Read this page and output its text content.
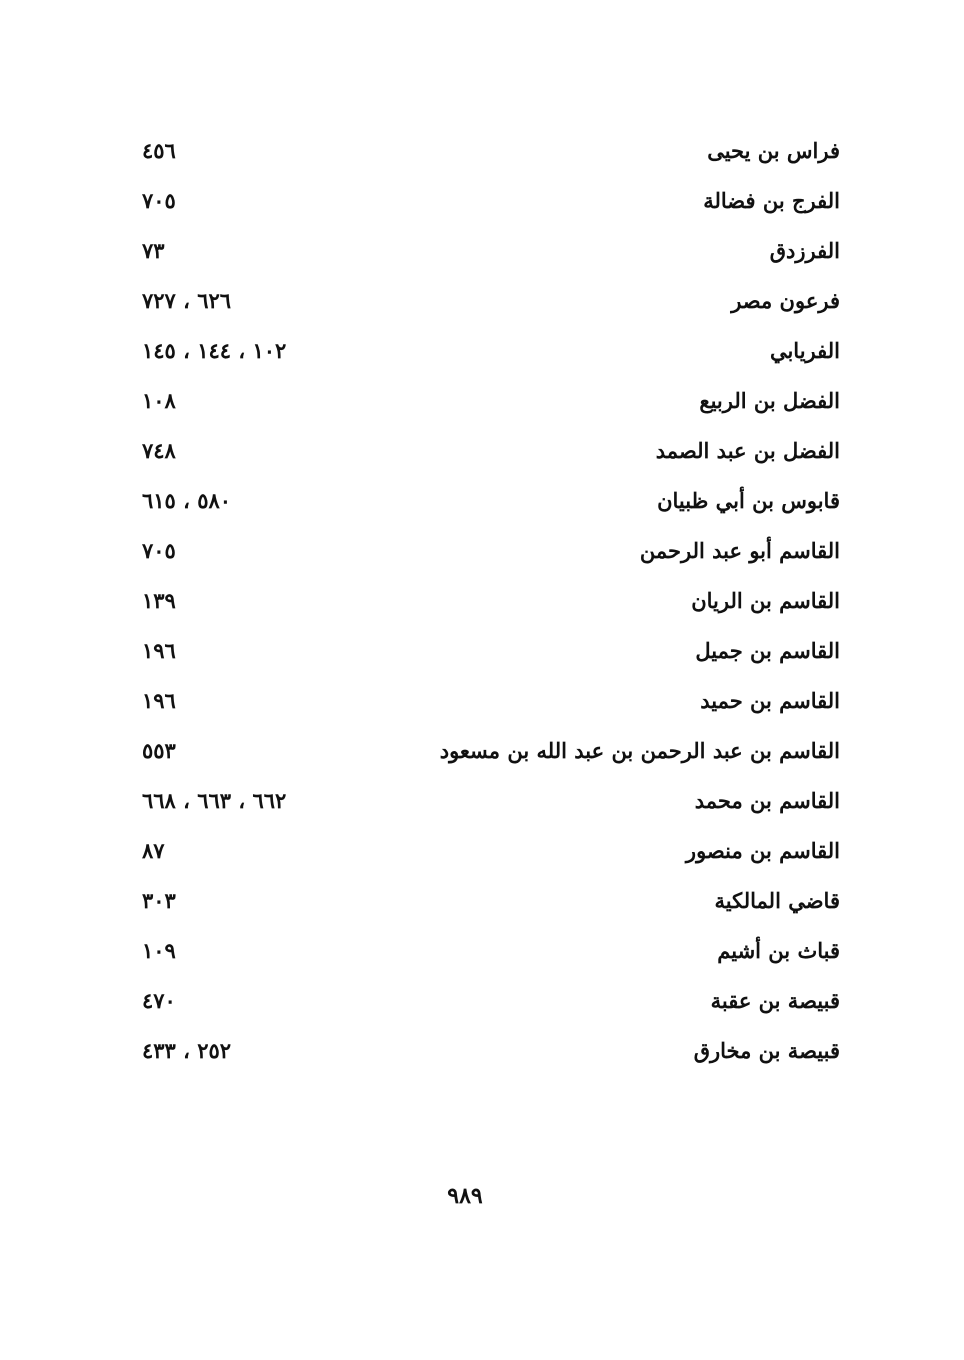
فراس بن يحيى
٤٥٦
الفرج بن فضالة
٧٠٥
الفرزدق
٧٣
فرعون مصر
٦٢٦ ، ٧٢٧
الفريابي
١٠٢ ، ١٤٤ ، ١٤٥
الفضل بن الربيع
١٠٨
الفضل بن عبد الصمد
٧٤٨
قابوس بن أبي ظبيان
٥٨٠ ، ٦١٥
القاسم أبو عبد الرحمن
٧٠٥
القاسم بن الريان
١٣٩
القاسم بن جميل
١٩٦
القاسم بن حميد
١٩٦
القاسم بن عبد الرحمن بن عبد الله بن مسعود
٥٥٣
القاسم بن محمد
٦٦٢ ، ٦٦٣ ، ٦٦٨
القاسم بن منصور
٨٧
قاضي المالكية
٣٠٣
قباث بن أشيم
١٠٩
قبيصة بن عقبة
٤٧٠
قبيصة بن مخارق
٢٥٢ ، ٤٣٣
٩٨٩
